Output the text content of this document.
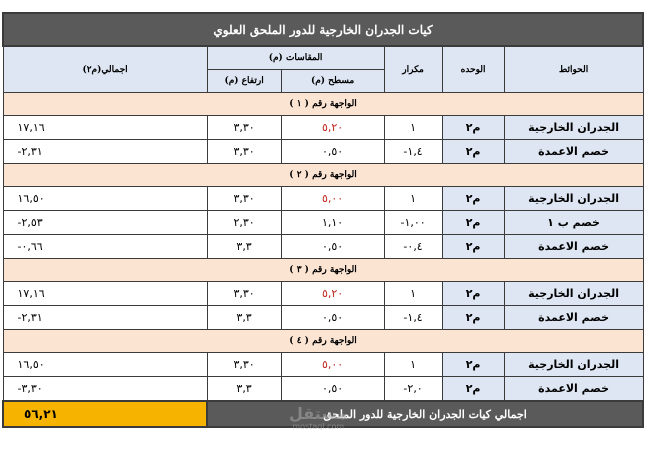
كيات الجدران الخارجية للدور الملحق العلوي					
الحوائط	الوحده	مكرار	المقاسات (م)		اجمالي(م٢)
			مسطح (م)	ارتفاع (م)	
الواجهة رقم ( ١ )					
الجدران الخارجية	م٢	١	٥,٢٠	٣,٣٠	١٧,١٦
خصم الاعمدة	م٢	١,٤-	٠,٥٠	٣,٣٠	٢,٣١-
الواجهة رقم ( ٢ )					
الجدران الخارجية	م٢	١	٥,٠٠	٣,٣٠	١٦,٥٠
خصم ب ١	م٢	١,٠٠-	١,١٠	٢,٣٠	٢,٥٣-
خصم الاعمدة	م٢	٠,٤-	٠,٥٠	٣,٣	٠,٦٦-
الواجهة رقم ( ٣ )					
الجدران الخارجية	م٢	١	٥,٢٠	٣,٣٠	١٧,١٦
خصم الاعمدة	م٢	١,٤-	٠,٥٠	٣,٣	٢,٣١-
الواجهة رقم ( ٤ )					
الجدران الخارجية	م٢	١	٥,٠٠	٣,٣٠	١٦,٥٠
خصم الاعمدة	م٢	٢,٠-	٠,٥٠	٣,٣	٣,٣٠-
اجمالي كيات الجدران الخارجية للدور الملحق					٥٦,٢١	مستقل
mostaql.com
